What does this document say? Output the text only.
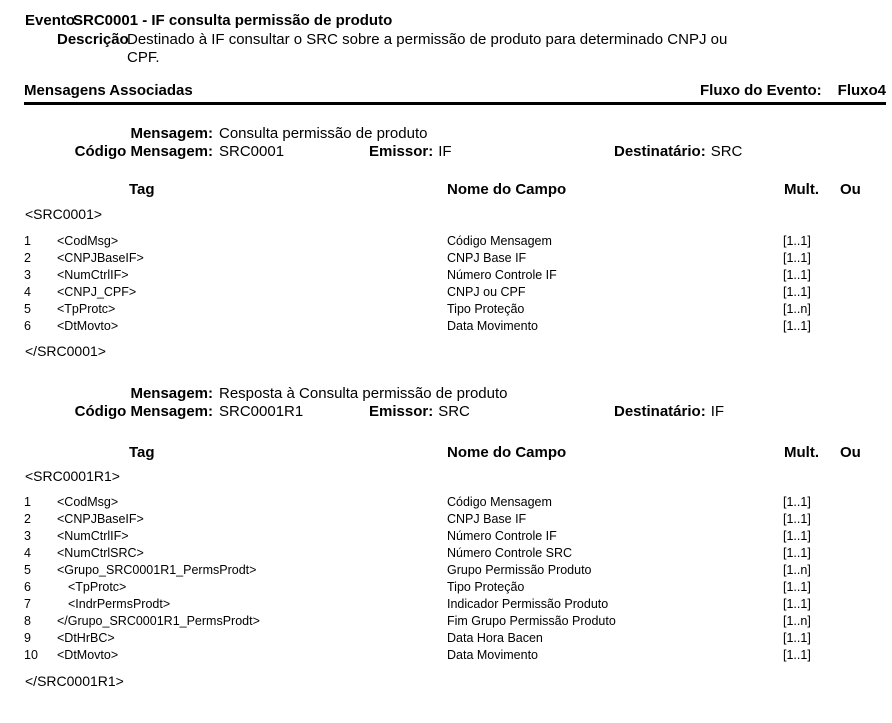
Evento
SRC0001 - IF consulta permissão de produto
Descrição
Destinado à IF consultar o SRC sobre a permissão de produto para determinado CNPJ ou
CPF.
Mensagens Associadas	Fluxo do Evento: Fluxo4
Mensagem: Consulta permissão de produto
Código Mensagem: SRC0001	Emissor: IF	Destinatário: SRC
Tag	Nome do Campo	Mult. Ou
<SRC0001>
1 <CodMsg>	Código Mensagem	[1..1]
2 <CNPJBaseIF>	CNPJ Base IF	[1..1]
3 <NumCtrlIF>	Número Controle IF	[1..1]
4 <CNPJ_CPF>	CNPJ ou CPF	[1..1]
5 <TpProtc>	Tipo Proteção	[1..n]
6 <DtMovto>	Data Movimento	[1..1]
</SRC0001>
Mensagem: Resposta à Consulta permissão de produto
Código Mensagem: SRC0001R1	Emissor: SRC	Destinatário: IF
Tag	Nome do Campo	Mult. Ou
<SRC0001R1>
1 <CodMsg>	Código Mensagem	[1..1]
2 <CNPJBaseIF>	CNPJ Base IF	[1..1]
3 <NumCtrlIF>	Número Controle IF	[1..1]
4 <NumCtrlSRC>	Número Controle SRC	[1..1]
5 <Grupo_SRC0001R1_PermsProdt>	Grupo Permissão Produto	[1..n]
6	<TpProtc>	Tipo Proteção	[1..1]
7	<IndrPermsProdt>	Indicador Permissão Produto	[1..1]
8 </Grupo_SRC0001R1_PermsProdt>	Fim Grupo Permissão Produto	[1..n]
9 <DtHrBC>	Data Hora Bacen	[1..1]
10 <DtMovto>	Data Movimento	[1..1]
</SRC0001R1>
